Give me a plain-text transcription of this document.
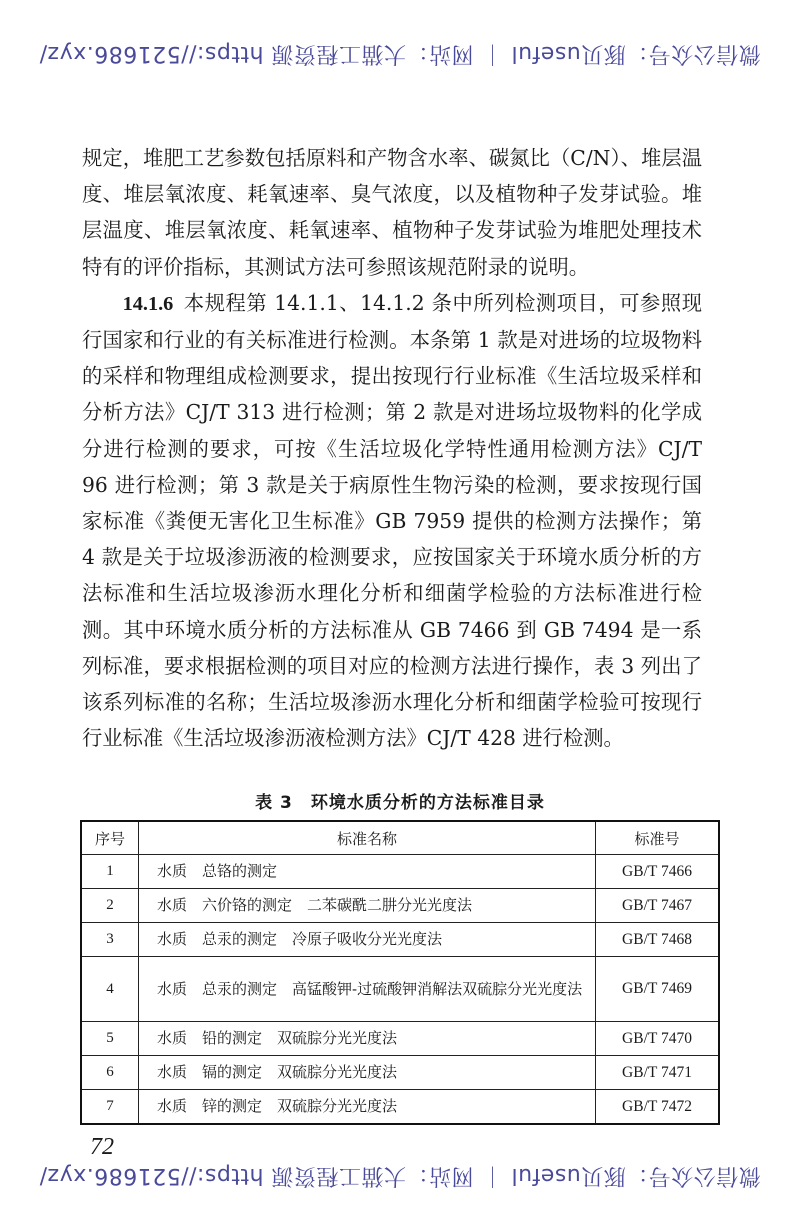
微信公众号：豚贝useful ｜ 网站：大猫工程资源 https://521686.xyz/

规定，堆肥工艺参数包括原料和产物含水率、碳氮比（C/N）、堆层温度、堆层氧浓度、耗氧速率、臭气浓度，以及植物种子发芽试验。堆层温度、堆层氧浓度、耗氧速率、植物种子发芽试验为堆肥处理技术特有的评价指标，其测试方法可参照该规范附录的说明。

14.1.6 本规程第 14.1.1、14.1.2 条中所列检测项目，可参照现行国家和行业的有关标准进行检测。本条第 1 款是对进场的垃圾物料的采样和物理组成检测要求，提出按现行行业标准《生活垃圾采样和分析方法》CJ/T 313 进行检测；第 2 款是对进场垃圾物料的化学成分进行检测的要求，可按《生活垃圾化学特性通用检测方法》CJ/T 96 进行检测；第 3 款是关于病原性生物污染的检测，要求按现行国家标准《粪便无害化卫生标准》GB 7959 提供的检测方法操作；第 4 款是关于垃圾渗沥液的检测要求，应按国家关于环境水质分析的方法标准和生活垃圾渗沥水理化分析和细菌学检验的方法标准进行检测。其中环境水质分析的方法标准从 GB 7466 到 GB 7494 是一系列标准，要求根据检测的项目对应的检测方法进行操作，表 3 列出了该系列标准的名称；生活垃圾渗沥水理化分析和细菌学检验可按现行行业标准《生活垃圾渗沥液检测方法》CJ/T 428 进行检测。

表 3 环境水质分析的方法标准目录
序号	标准名称	标准号
1	水质　总铬的测定	GB/T 7466
2	水质　六价铬的测定　二苯碳酰二肼分光光度法	GB/T 7467
3	水质　总汞的测定　冷原子吸收分光光度法	GB/T 7468
4	水质　总汞的测定　高锰酸钾-过硫酸钾消解法双硫腙分光光度法	GB/T 7469
5	水质　铅的测定　双硫腙分光光度法	GB/T 7470
6	水质　镉的测定　双硫腙分光光度法	GB/T 7471
7	水质　锌的测定　双硫腙分光光度法	GB/T 7472
72
微信公众号：豚贝useful ｜ 网站：大猫工程资源 https://521686.xyz/
